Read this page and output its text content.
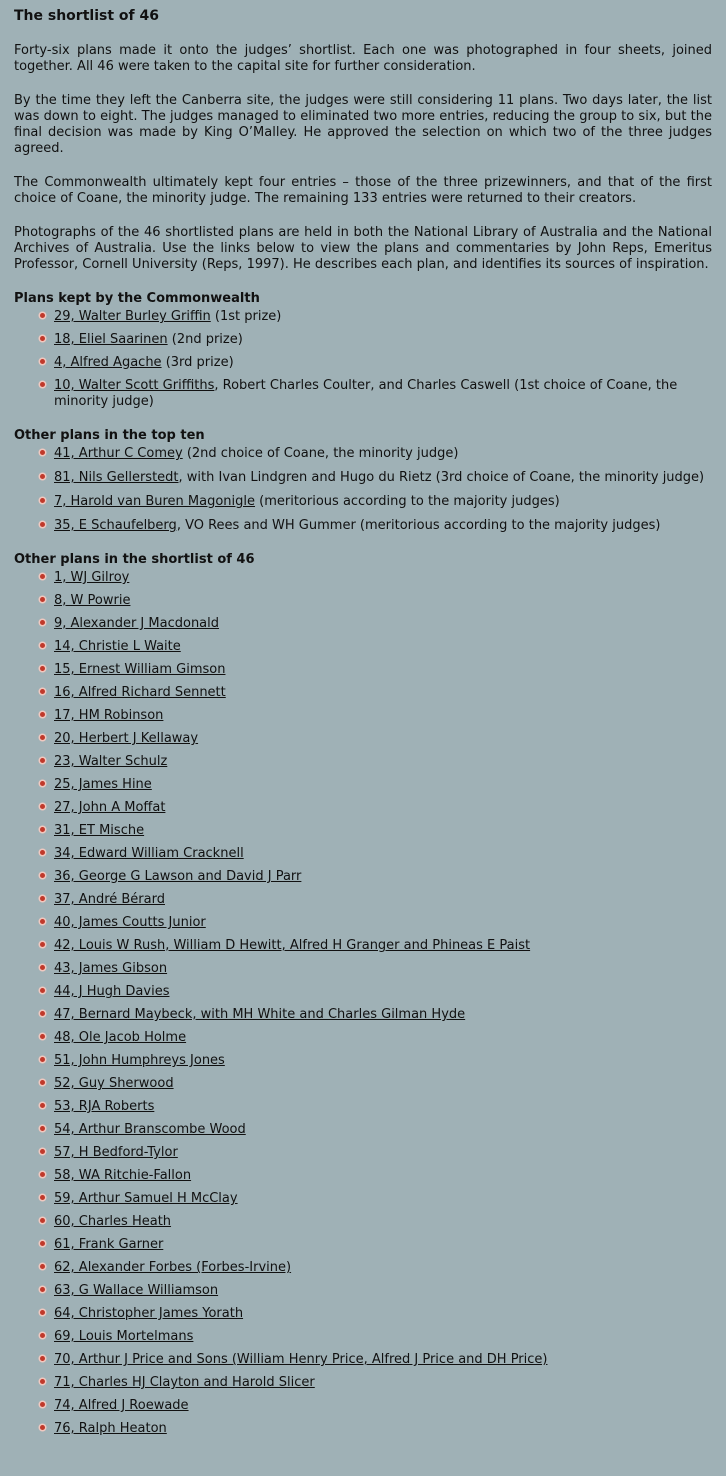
The shortlist of 46

Forty-six plans made it onto the judges’ shortlist. Each one was photographed in four sheets, joined together. All 46 were taken to the capital site for further consideration.

By the time they left the Canberra site, the judges were still considering 11 plans. Two days later, the list was down to eight. The judges managed to eliminated two more entries, reducing the group to six, but the final decision was made by King O’Malley. He approved the selection on which two of the three judges agreed.

The Commonwealth ultimately kept four entries – those of the three prizewinners, and that of the first choice of Coane, the minority judge. The remaining 133 entries were returned to their creators.

Photographs of the 46 shortlisted plans are held in both the National Library of Australia and the National Archives of Australia. Use the links below to view the plans and commentaries by John Reps, Emeritus Professor, Cornell University (Reps, 1997). He describes each plan, and identifies its sources of inspiration.

Plans kept by the Commonwealth
29, Walter Burley Griffin (1st prize)
18, Eliel Saarinen (2nd prize)
4, Alfred Agache (3rd prize)
10, Walter Scott Griffiths, Robert Charles Coulter, and Charles Caswell (1st choice of Coane, the minority judge)
Other plans in the top ten
41, Arthur C Comey (2nd choice of Coane, the minority judge)
81, Nils Gellerstedt, with Ivan Lindgren and Hugo du Rietz (3rd choice of Coane, the minority judge)
7, Harold van Buren Magonigle (meritorious according to the majority judges)
35, E Schaufelberg, VO Rees and WH Gummer (meritorious according to the majority judges)
Other plans in the shortlist of 46
1, WJ Gilroy
8, W Powrie
9, Alexander J Macdonald
14, Christie L Waite
15, Ernest William Gimson
16, Alfred Richard Sennett
17, HM Robinson
20, Herbert J Kellaway
23, Walter Schulz
25, James Hine
27, John A Moffat
31, ET Mische
34, Edward William Cracknell
36, George G Lawson and David J Parr
37, André Bérard
40, James Coutts Junior
42, Louis W Rush, William D Hewitt, Alfred H Granger and Phineas E Paist
43, James Gibson
44, J Hugh Davies
47, Bernard Maybeck, with MH White and Charles Gilman Hyde
48, Ole Jacob Holme
51, John Humphreys Jones
52, Guy Sherwood
53, RJA Roberts
54, Arthur Branscombe Wood
57, H Bedford-Tylor
58, WA Ritchie-Fallon
59, Arthur Samuel H McClay
60, Charles Heath
61, Frank Garner
62, Alexander Forbes (Forbes-Irvine)
63, G Wallace Williamson
64, Christopher James Yorath
69, Louis Mortelmans
70, Arthur J Price and Sons (William Henry Price, Alfred J Price and DH Price)
71, Charles HJ Clayton and Harold Slicer
74, Alfred J Roewade
76, Ralph Heaton
